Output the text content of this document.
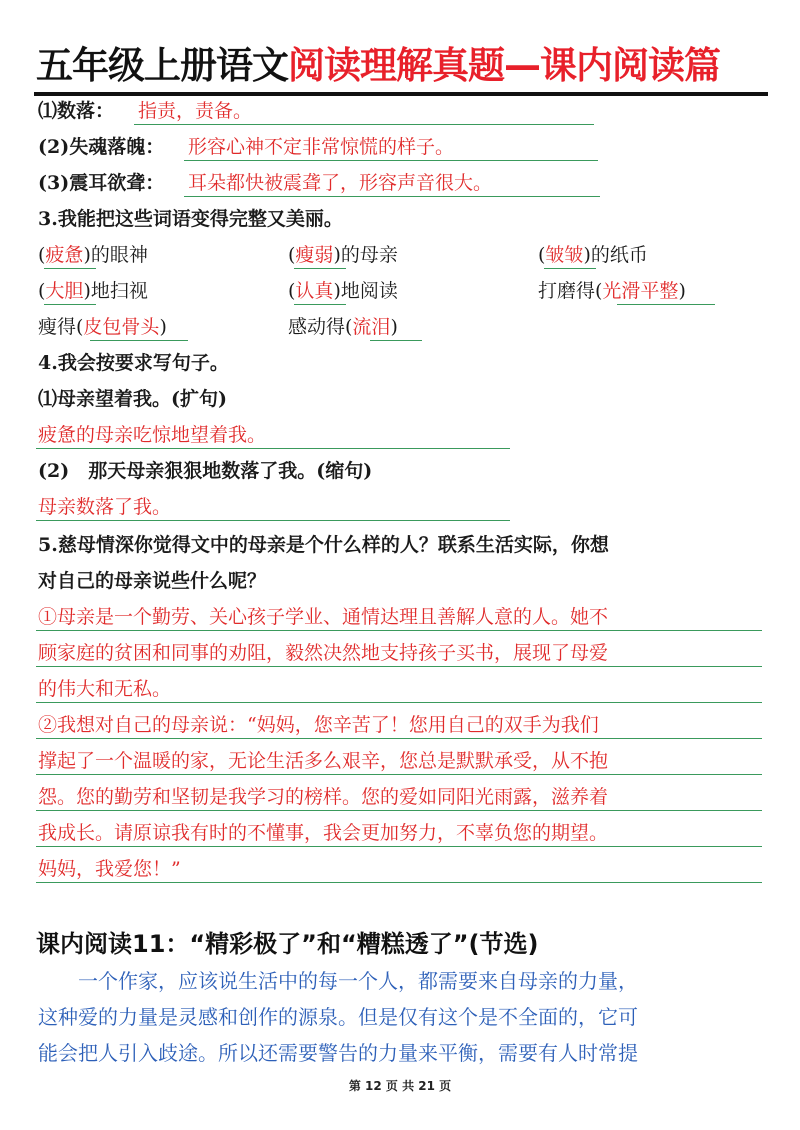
五年级上册语文阅读理解真题—课内阅读篇
⑴数落： 指责，责备。
(2)失魂落魄： 形容心神不定非常惊慌的样子。
(3)震耳欲聋： 耳朵都快被震聋了，形容声音很大。
3.我能把这些词语变得完整又美丽。
(疲惫)的眼神	(瘦弱)的母亲	(皱皱)的纸币
(大胆)地扫视	(认真)地阅读	打磨得(光滑平整)
瘦得(皮包骨头)	感动得(流泪)
4.我会按要求写句子。
⑴母亲望着我。(扩句)
疲惫的母亲吃惊地望着我。
(2)　那天母亲狠狠地数落了我。(缩句)
母亲数落了我。
5.慈母情深你觉得文中的母亲是个什么样的人？联系生活实际，你想
对自己的母亲说些什么呢？
①母亲是一个勤劳、关心孩子学业、通情达理且善解人意的人。她不
顾家庭的贫困和同事的劝阻，毅然决然地支持孩子买书，展现了母爱
的伟大和无私。
②我想对自己的母亲说：“妈妈，您辛苦了！您用自己的双手为我们
撑起了一个温暖的家，无论生活多么艰辛，您总是默默承受，从不抱
怨。您的勤劳和坚韧是我学习的榜样。您的爱如同阳光雨露，滋养着
我成长。请原谅我有时的不懂事，我会更加努力，不辜负您的期望。
妈妈，我爱您！”
课内阅读11：“精彩极了”和“糟糕透了”(节选)
　　一个作家，应该说生活中的每一个人，都需要来自母亲的力量，
这种爱的力量是灵感和创作的源泉。但是仅有这个是不全面的，它可
能会把人引入歧途。所以还需要警告的力量来平衡，需要有人时常提
第 12 页 共 21 页
